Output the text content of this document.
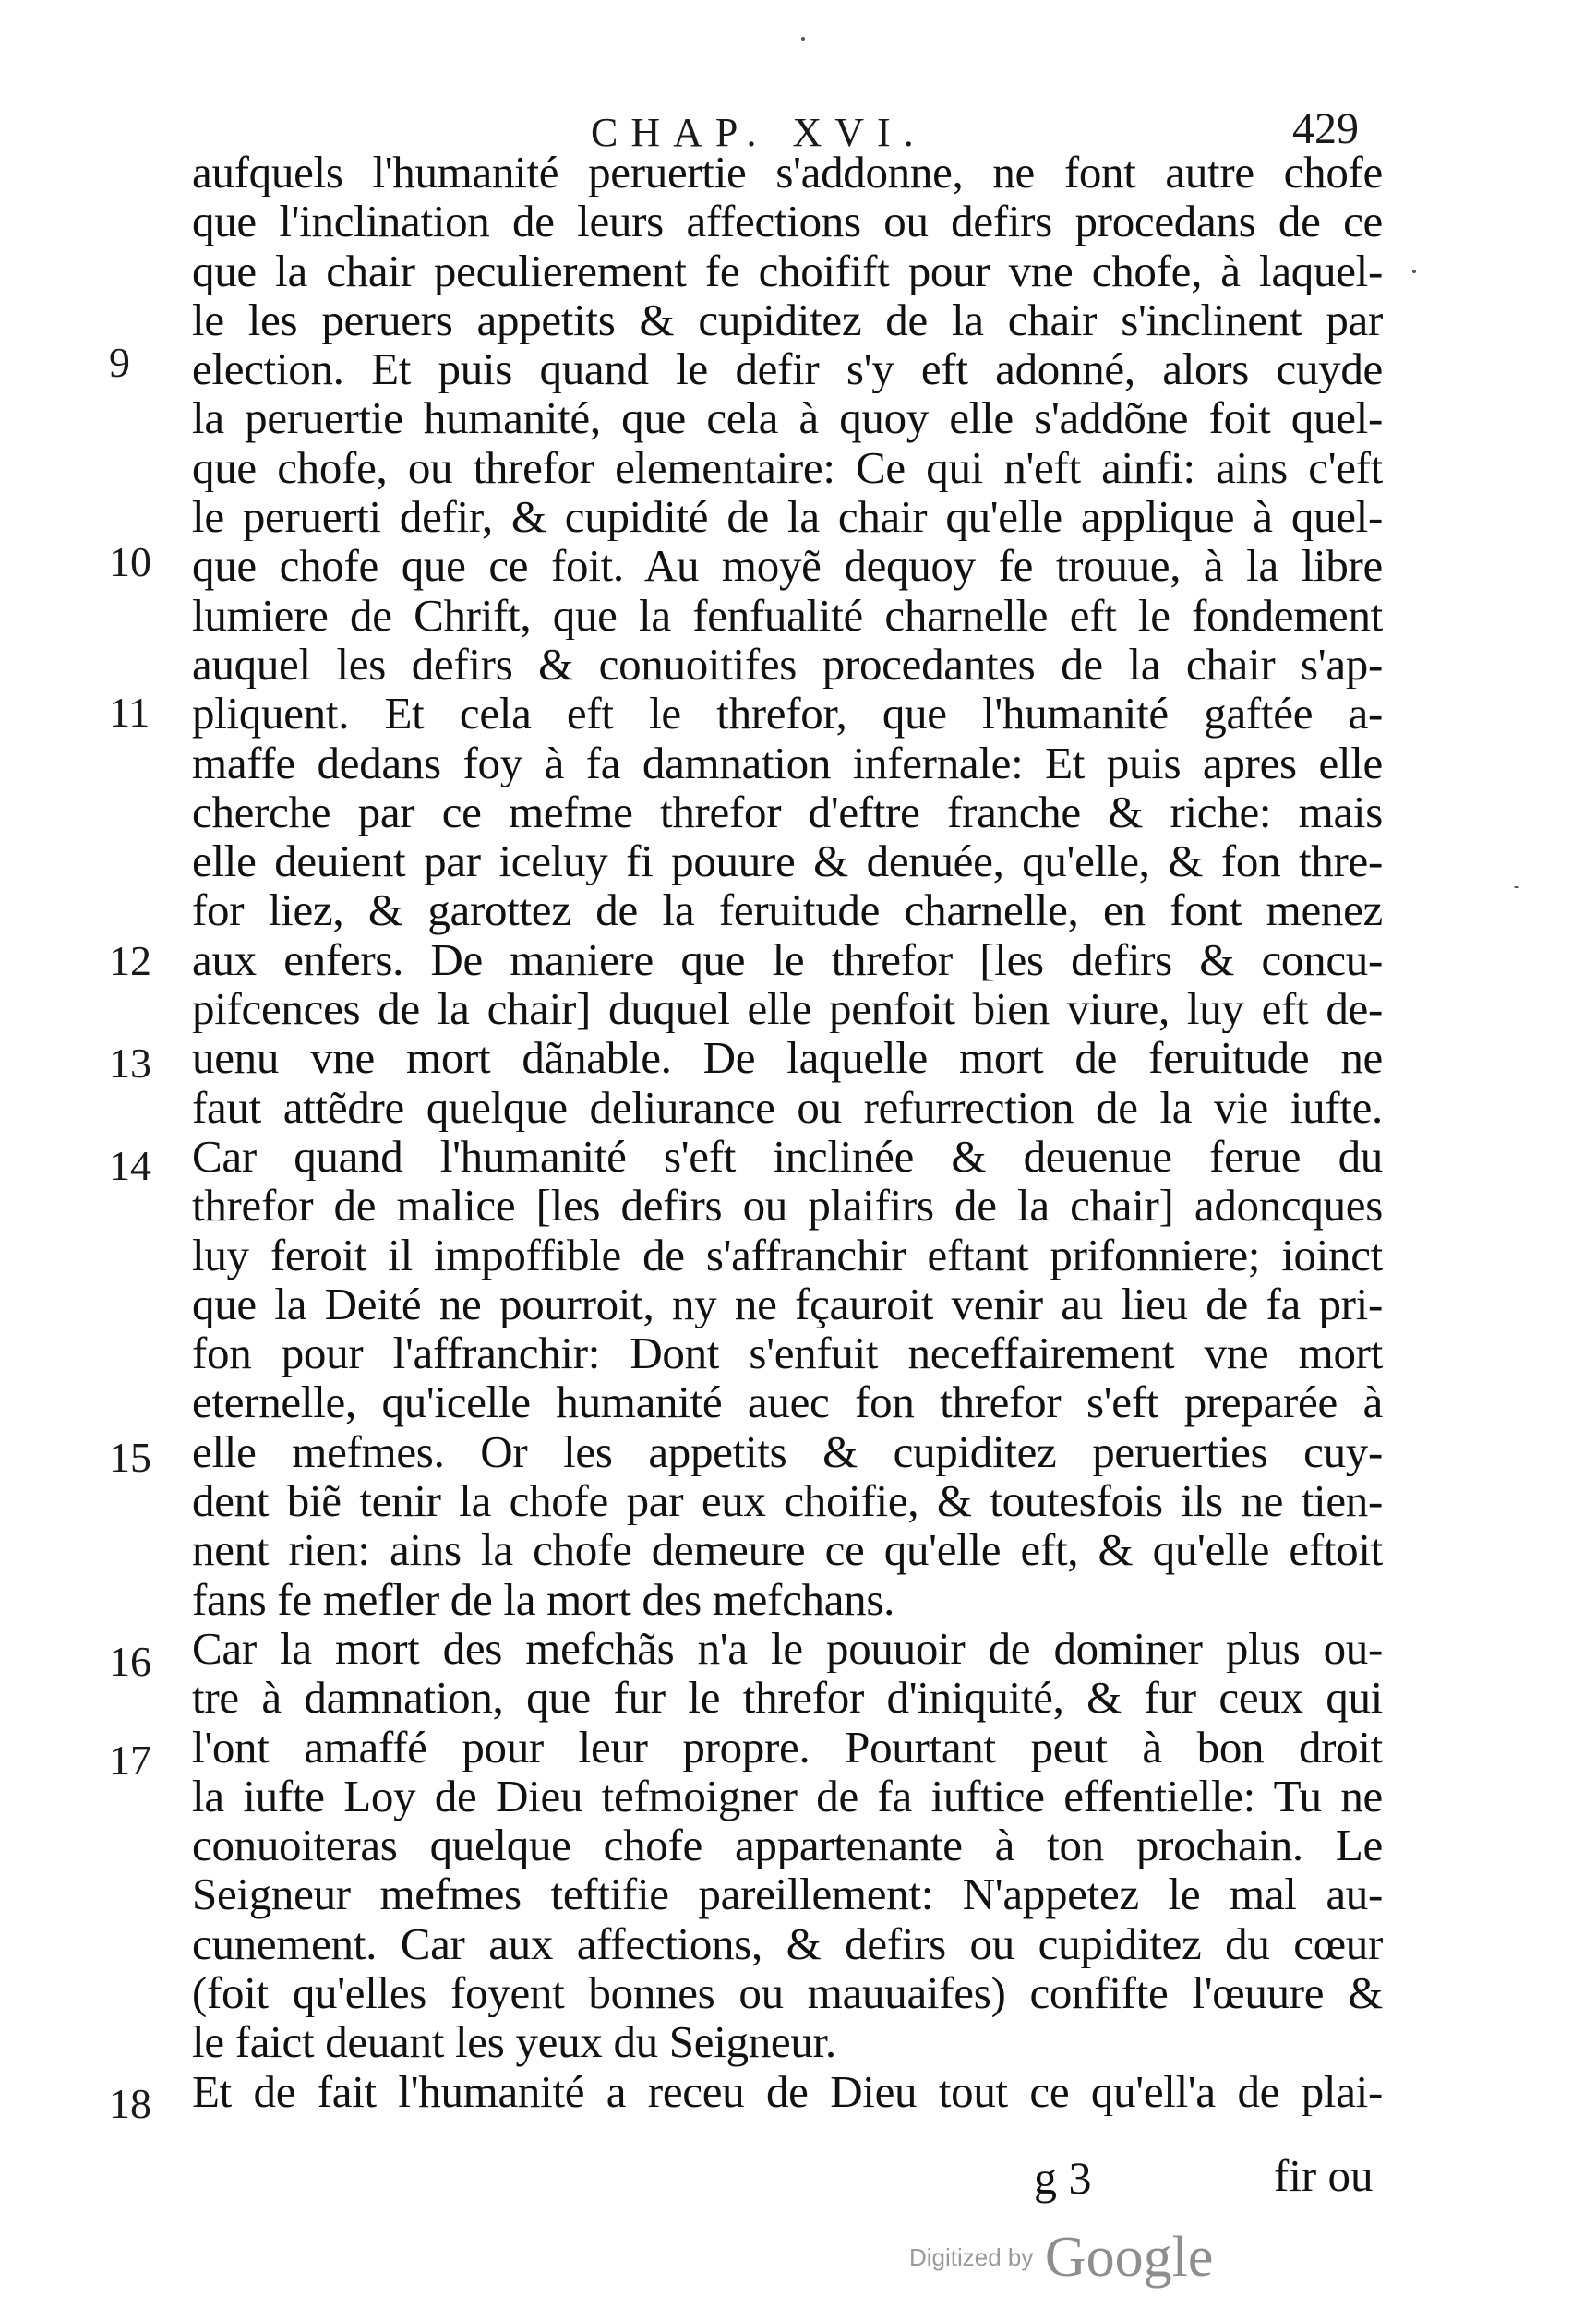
CHAP. XVI.	429
aufquels l'humanité peruertie s'addonne, ne font autre chofe
que l'inclination de leurs affections ou defirs procedans de ce
que la chair peculierement fe choifift pour vne chofe, à laquel-
le les peruers appetits & cupiditez de la chair s'inclinent par
election. Et puis quand le defir s'y eft adonné, alors cuyde
la peruertie humanité, que cela à quoy elle s'addõne foit quel-
que chofe, ou threfor elementaire: Ce qui n'eft ainfi: ains c'eft
le peruerti defir, & cupidité de la chair qu'elle applique à quel-
que chofe que ce foit. Au moyẽ dequoy fe trouue, à la libre
lumiere de Chrift, que la fenfualité charnelle eft le fondement
auquel les defirs & conuoitifes procedantes de la chair s'ap-
pliquent. Et cela eft le threfor, que l'humanité gaftée a-
maffe dedans foy à fa damnation infernale: Et puis apres elle
cherche par ce mefme threfor d'eftre franche & riche: mais
elle deuient par iceluy fi pouure & denuée, qu'elle, & fon thre-
for liez, & garottez de la feruitude charnelle, en font menez
aux enfers. De maniere que le threfor [les defirs & concu-
pifcences de la chair] duquel elle penfoit bien viure, luy eft de-
uenu vne mort dãnable. De laquelle mort de feruitude ne
faut attẽdre quelque deliurance ou refurrection de la vie iufte.
Car quand l'humanité s'eft inclinée & deuenue ferue du
threfor de malice [les defirs ou plaifirs de la chair] adoncques
luy feroit il impoffible de s'affranchir eftant prifonniere; ioinct
que la Deité ne pourroit, ny ne fçauroit venir au lieu de fa pri-
fon pour l'affranchir: Dont s'enfuit neceffairement vne mort
eternelle, qu'icelle humanité auec fon threfor s'eft preparée à
elle mefmes. Or les appetits & cupiditez peruerties cuy-
dent biẽ tenir la chofe par eux choifie, & toutesfois ils ne tien-
nent rien: ains la chofe demeure ce qu'elle eft, & qu'elle eftoit
fans fe mefler de la mort des mefchans.
Car la mort des mefchãs n'a le pouuoir de dominer plus ou-
tre à damnation, que fur le threfor d'iniquité, & fur ceux qui
l'ont amaffé pour leur propre. Pourtant peut à bon droit
la iufte Loy de Dieu tefmoigner de fa iuftice effentielle: Tu ne
conuoiteras quelque chofe appartenante à ton prochain. Le
Seigneur mefmes teftifie pareillement: N'appetez le mal au-
cunement. Car aux affections, & defirs ou cupiditez du cœur
(foit qu'elles foyent bonnes ou mauuaifes) confifte l'œuure &
le faict deuant les yeux du Seigneur.
Et de fait l'humanité a receu de Dieu tout ce qu'ell'a de plai-
9
10
11
12
13
14
15
16
17
18
g 3	fir ou
Digitized by Google
